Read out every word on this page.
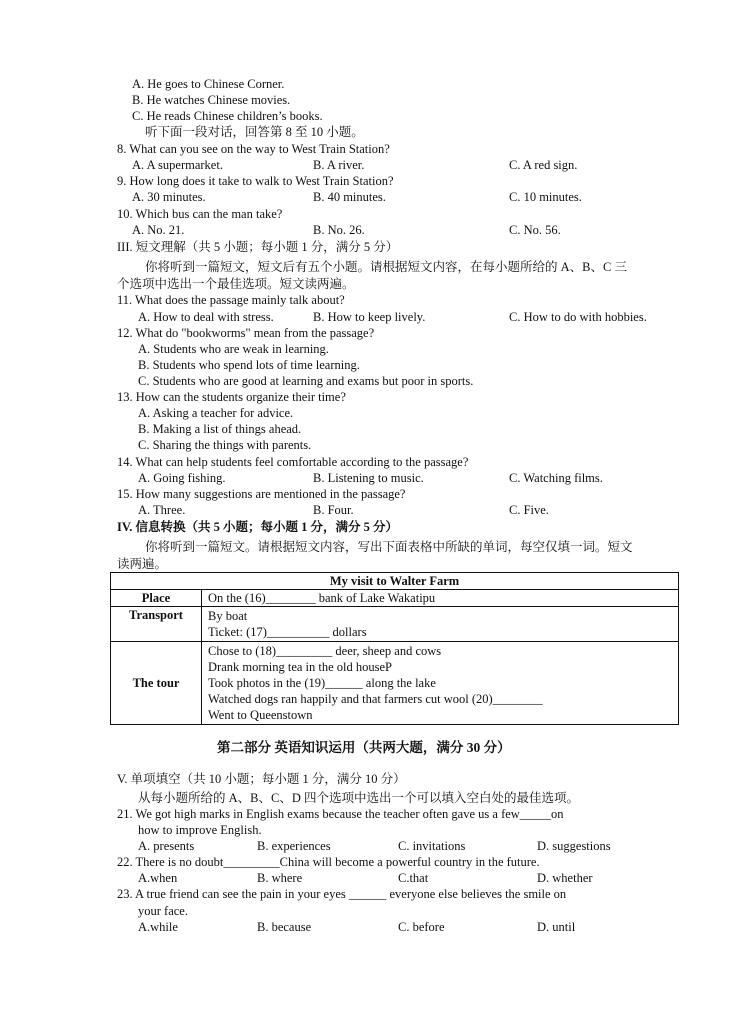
A. He goes to Chinese Corner.
B. He watches Chinese movies.
C. He reads Chinese children’s books.
听下面一段对话，回答第 8 至 10 小题。
8. What can you see on the way to West Train Station?
A. A supermarket.	B. A river.	C. A red sign.
9. How long does it take to walk to West Train Station?
A. 30 minutes.	B. 40 minutes.	C. 10 minutes.
10. Which bus can the man take?
A. No. 21.	B. No. 26.	C. No. 56.
III. 短文理解（共 5 小题；每小题 1 分，满分 5 分）
你将听到一篇短文，短文后有五个小题。请根据短文内容，在每小题所给的 A、B、C 三
个选项中选出一个最佳选项。短文读两遍。
11. What does the passage mainly talk about?
A. How to deal with stress.	B. How to keep lively.	C. How to do with hobbies.
12. What do "bookworms" mean from the passage?
A. Students who are weak in learning.
B. Students who spend lots of time learning.
C. Students who are good at learning and exams but poor in sports.
13. How can the students organize their time?
A. Asking a teacher for advice.
B. Making a list of things ahead.
C. Sharing the things with parents.
14. What can help students feel comfortable according to the passage?
A. Going fishing.	B. Listening to music.	C. Watching films.
15. How many suggestions are mentioned in the passage?
A. Three.	B. Four.	C. Five.
IV. 信息转换（共 5 小题；每小题 1 分，满分 5 分）
你将听到一篇短文。请根据短文内容，写出下面表格中所缺的单词，每空仅填一词。短文
读两遍。
My visit to Walter Farm	
Place	On the (16)________ bank of Lake Wakatipu
Transport	By boat
Ticket: (17)__________ dollars

The tour	Chose to (18)_________ deer, sheep and cows
Drank morning tea in the old houseP
Took photos in the (19)______ along the lake
Watched dogs ran happily and that farmers cut wool (20)________
Went to Queenstown
第二部分 英语知识运用（共两大题，满分 30 分）
V. 单项填空（共 10 小题；每小题 1 分，满分 10 分）
从每小题所给的 A、B、C、D 四个选项中选出一个可以填入空白处的最佳选项。
21. We got high marks in English exams because the teacher often gave us a few_____on
how to improve English.
A. presents	B. experiences	C. invitations	D. suggestions
22. There is no doubt_________China will become a powerful country in the future.
A.when	B. where	C.that	D. whether
23. A true friend can see the pain in your eyes ______ everyone else believes the smile on
your face.
A.while	B. because	C. before	D. until
